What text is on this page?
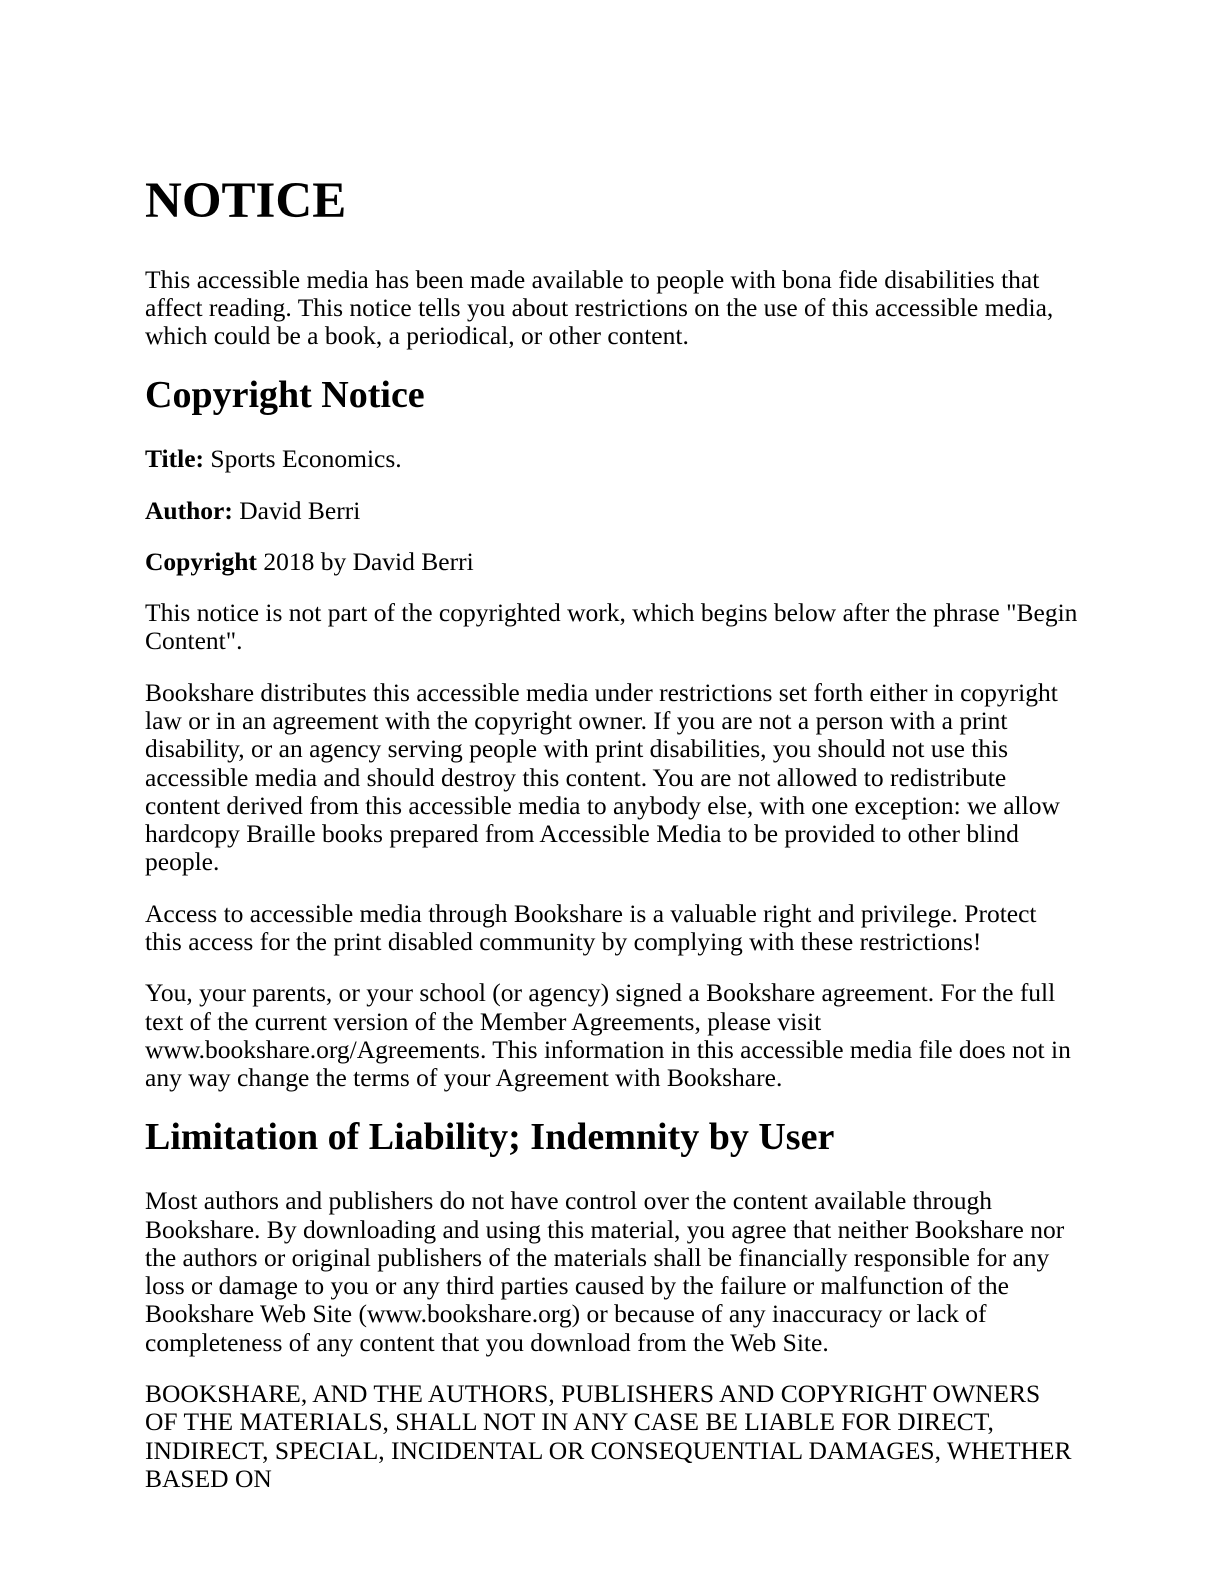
NOTICE

This accessible media has been made available to people with bona fide disabilities that affect reading. This notice tells you about restrictions on the use of this accessible media, which could be a book, a periodical, or other content.

Copyright Notice

Title: Sports Economics.

Author: David Berri

Copyright 2018 by David Berri

This notice is not part of the copyrighted work, which begins below after the phrase "Begin Content".

Bookshare distributes this accessible media under restrictions set forth either in copyright law or in an agreement with the copyright owner. If you are not a person with a print disability, or an agency serving people with print disabilities, you should not use this accessible media and should destroy this content. You are not allowed to redistribute content derived from this accessible media to anybody else, with one exception: we allow hardcopy Braille books prepared from Accessible Media to be provided to other blind people.

Access to accessible media through Bookshare is a valuable right and privilege. Protect this access for the print disabled community by complying with these restrictions!

You, your parents, or your school (or agency) signed a Bookshare agreement. For the full text of the current version of the Member Agreements, please visit www.bookshare.org/Agreements. This information in this accessible media file does not in any way change the terms of your Agreement with Bookshare.

Limitation of Liability; Indemnity by User

Most authors and publishers do not have control over the content available through Bookshare. By downloading and using this material, you agree that neither Bookshare nor the authors or original publishers of the materials shall be financially responsible for any loss or damage to you or any third parties caused by the failure or malfunction of the Bookshare Web Site (www.bookshare.org) or because of any inaccuracy or lack of completeness of any content that you download from the Web Site.

BOOKSHARE, AND THE AUTHORS, PUBLISHERS AND COPYRIGHT OWNERS OF THE MATERIALS, SHALL NOT IN ANY CASE BE LIABLE FOR DIRECT, INDIRECT, SPECIAL, INCIDENTAL OR CONSEQUENTIAL DAMAGES, WHETHER BASED ON
